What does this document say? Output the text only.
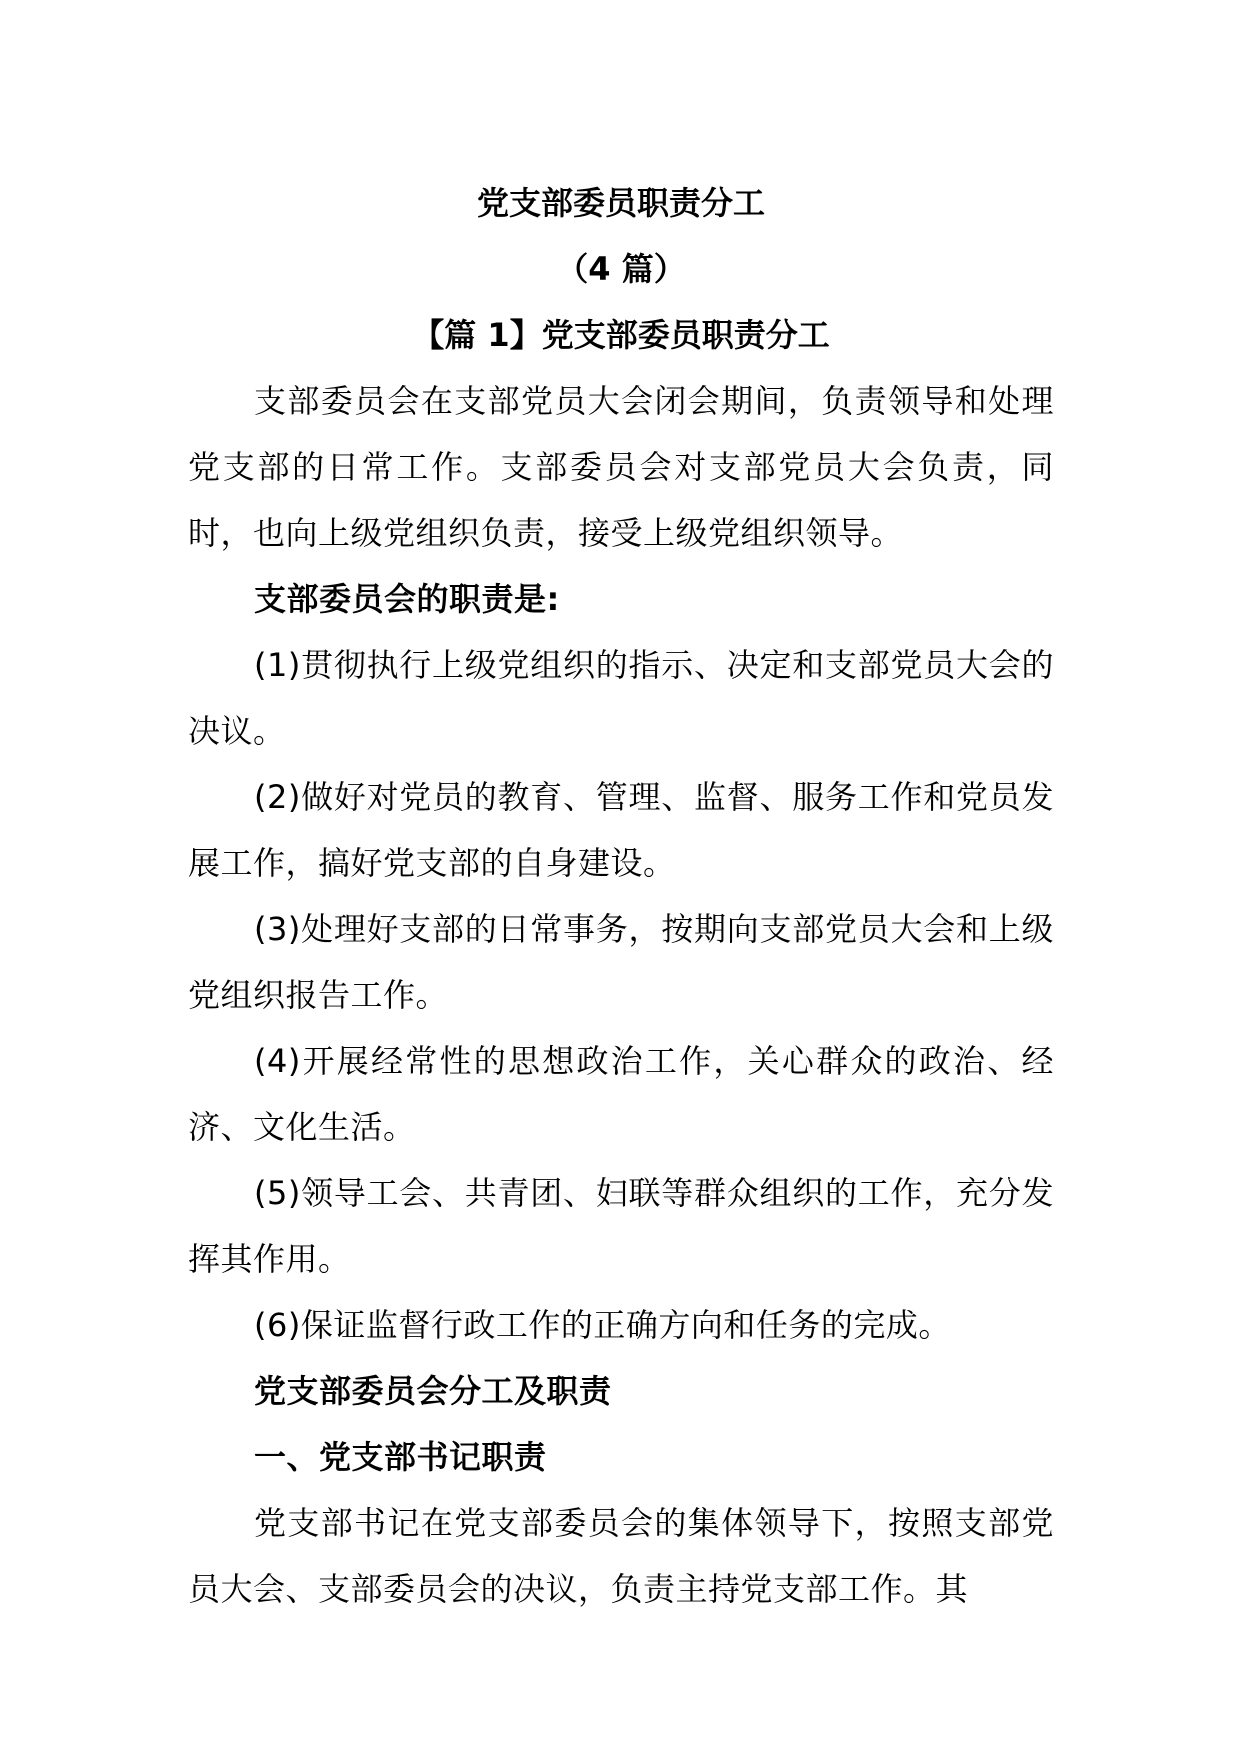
党支部委员职责分工

（4 篇）

【篇 1】党支部委员职责分工

支部委员会在支部党员大会闭会期间，负责领导和处理党支部的日常工作。支部委员会对支部党员大会负责，同时，也向上级党组织负责，接受上级党组织领导。

支部委员会的职责是:

(1)贯彻执行上级党组织的指示、决定和支部党员大会的决议。

(2)做好对党员的教育、管理、监督、服务工作和党员发展工作，搞好党支部的自身建设。

(3)处理好支部的日常事务，按期向支部党员大会和上级党组织报告工作。

(4)开展经常性的思想政治工作，关心群众的政治、经济、文化生活。

(5)领导工会、共青团、妇联等群众组织的工作，充分发挥其作用。

(6)保证监督行政工作的正确方向和任务的完成。

党支部委员会分工及职责

一、党支部书记职责

党支部书记在党支部委员会的集体领导下，按照支部党员大会、支部委员会的决议，负责主持党支部工作。其
